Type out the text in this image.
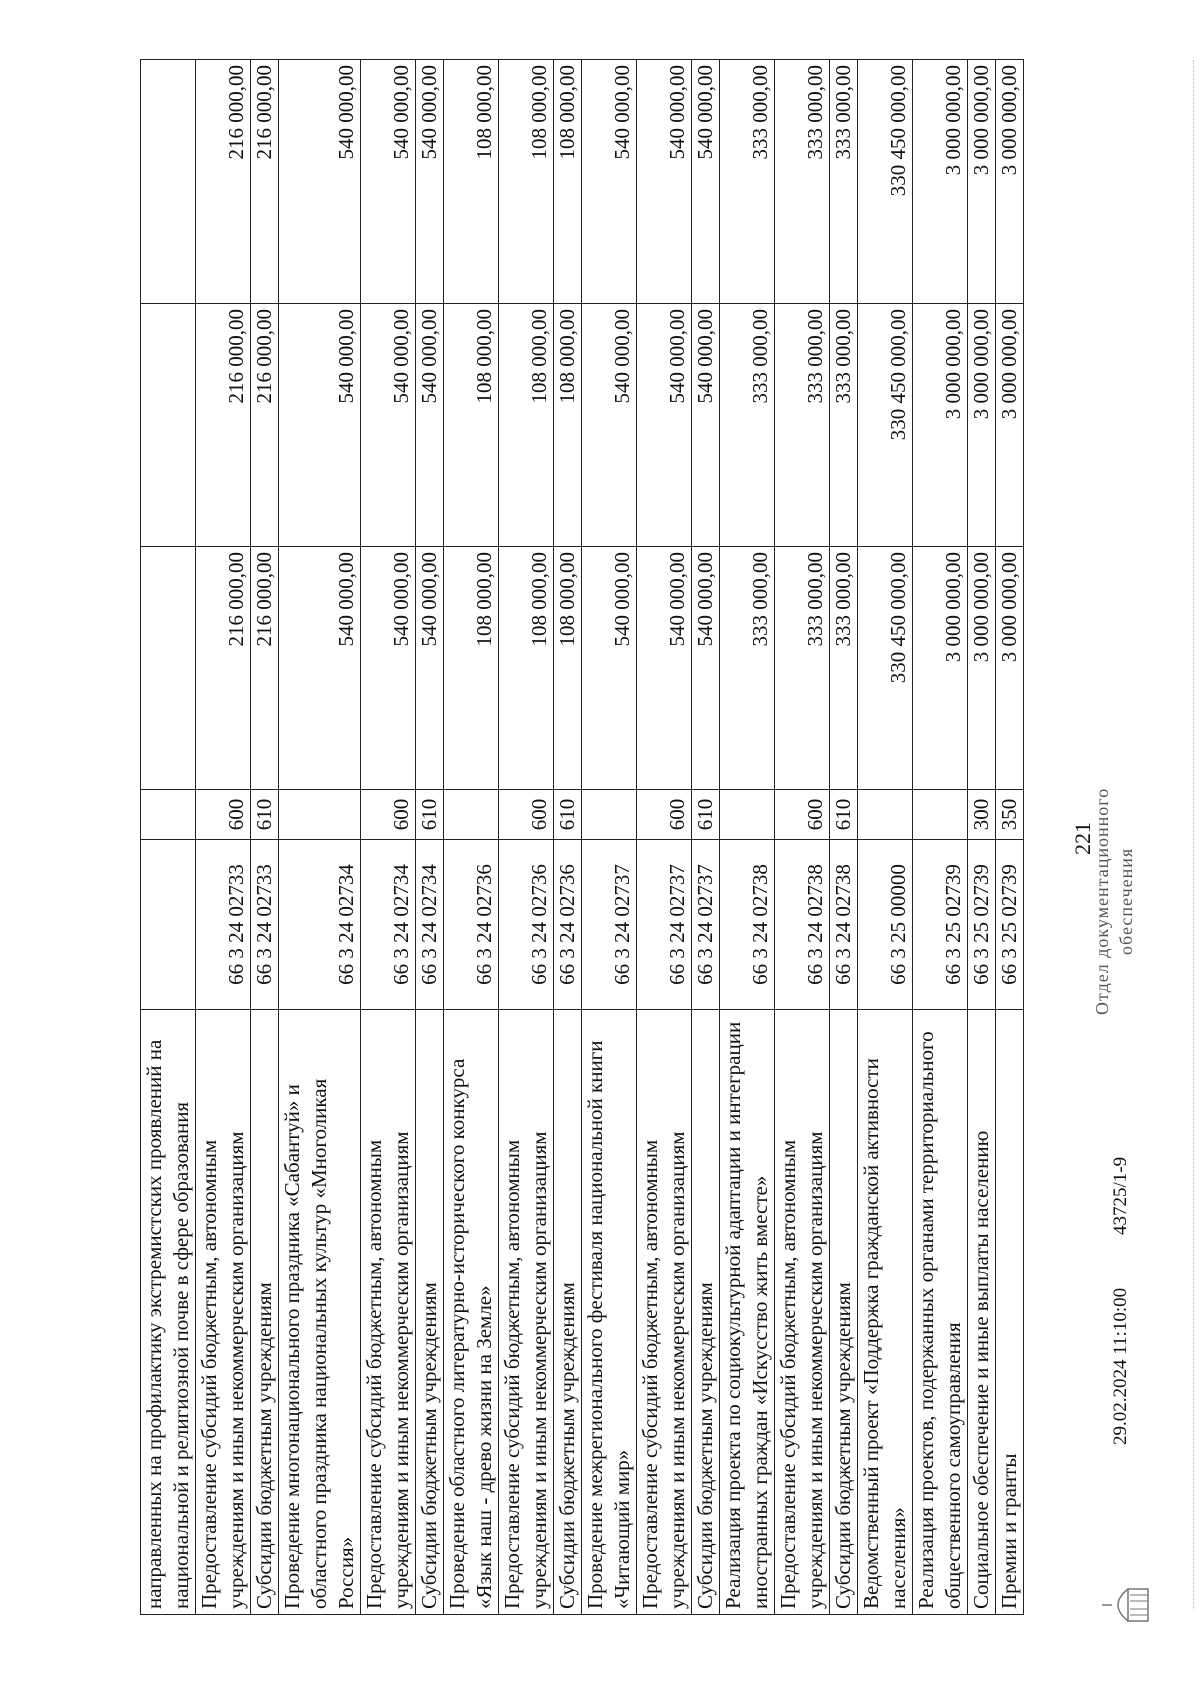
221
направленных на профилактику экстремистских проявлений на национальной и религиозной почве в сфере образования					
Предоставление субсидий бюджетным, автономным учреждениям и иным некоммерческим организациям	66 3 24 02733	600	216 000,00	216 000,00	216 000,00
Субсидии бюджетным учреждениям	66 3 24 02733	610	216 000,00	216 000,00	216 000,00
Проведение многонационального праздника «Сабантуй» и областного праздника национальных культур «Многоликая Россия»	66 3 24 02734		540 000,00	540 000,00	540 000,00
Предоставление субсидий бюджетным, автономным учреждениям и иным некоммерческим организациям	66 3 24 02734	600	540 000,00	540 000,00	540 000,00
Субсидии бюджетным учреждениям	66 3 24 02734	610	540 000,00	540 000,00	540 000,00
Проведение областного литературно-исторического конкурса «Язык наш - древо жизни на Земле»	66 3 24 02736		108 000,00	108 000,00	108 000,00
Предоставление субсидий бюджетным, автономным учреждениям и иным некоммерческим организациям	66 3 24 02736	600	108 000,00	108 000,00	108 000,00
Субсидии бюджетным учреждениям	66 3 24 02736	610	108 000,00	108 000,00	108 000,00
Проведение межрегионального фестиваля национальной книги «Читающий мир»	66 3 24 02737		540 000,00	540 000,00	540 000,00
Предоставление субсидий бюджетным, автономным учреждениям и иным некоммерческим организациям	66 3 24 02737	600	540 000,00	540 000,00	540 000,00
Субсидии бюджетным учреждениям	66 3 24 02737	610	540 000,00	540 000,00	540 000,00
Реализация проекта по социокультурной адаптации и интеграции иностранных граждан «Искусство жить вместе»	66 3 24 02738		333 000,00	333 000,00	333 000,00
Предоставление субсидий бюджетным, автономным учреждениям и иным некоммерческим организациям	66 3 24 02738	600	333 000,00	333 000,00	333 000,00
Субсидии бюджетным учреждениям	66 3 24 02738	610	333 000,00	333 000,00	333 000,00
Ведомственный проект «Поддержка гражданской активности населения»	66 3 25 00000		330 450 000,00	330 450 000,00	330 450 000,00
Реализация проектов, подержанных органами территориального общественного самоуправления	66 3 25 02739		3 000 000,00	3 000 000,00	3 000 000,00
Социальное обеспечение и иные выплаты населению	66 3 25 02739	300	3 000 000,00	3 000 000,00	3 000 000,00
Премии и гранты	66 3 25 02739	350	3 000 000,00	3 000 000,00	3 000 000,00
29.02.2024 11:10:00
43725/1-9
Отдел документационного обеспечения
